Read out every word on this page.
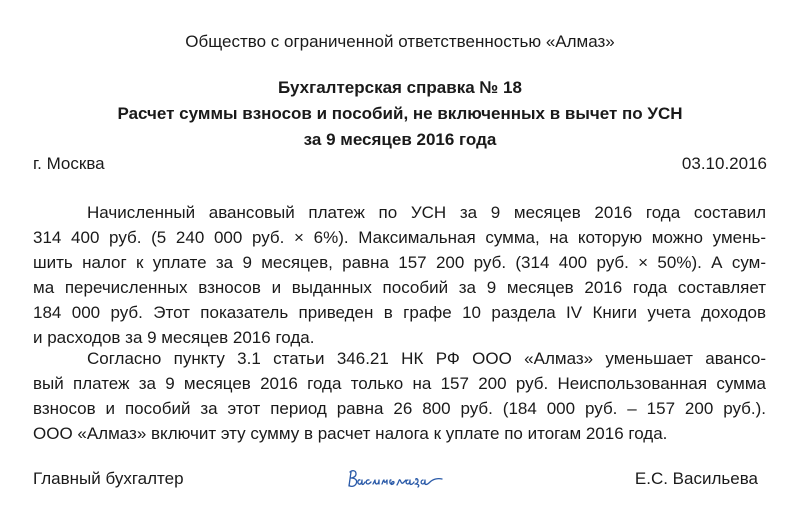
Общество с ограниченной ответственностью «Алмаз»
Бухгалтерская справка № 18
Расчет суммы взносов и пособий, не включенных в вычет по УСН
за 9 месяцев 2016 года
г. Москва	03.10.2016
Начисленный авансовый платеж по УСН за 9 месяцев 2016 года составил
314 400 руб. (5 240 000 руб. × 6%). Максимальная сумма, на которую можно умень-
шить налог к уплате за 9 месяцев, равна 157 200 руб. (314 400 руб. × 50%). А сум-
ма перечисленных взносов и выданных пособий за 9 месяцев 2016 года составляет
184 000 руб. Этот показатель приведен в графе 10 раздела IV Книги учета доходов
и расходов за 9 месяцев 2016 года.
Согласно пункту 3.1 статьи 346.21 НК РФ ООО «Алмаз» уменьшает аванco-
вый платеж за 9 месяцев 2016 года только на 157 200 руб. Неиспользованная сумма
взносов и пособий за этот период равна 26 800 руб. (184 000 руб. – 157 200 руб.).
ООО «Алмаз» включит эту сумму в расчет налога к уплате по итогам 2016 года.
Главный бухгалтер	Е.С. Васильева
